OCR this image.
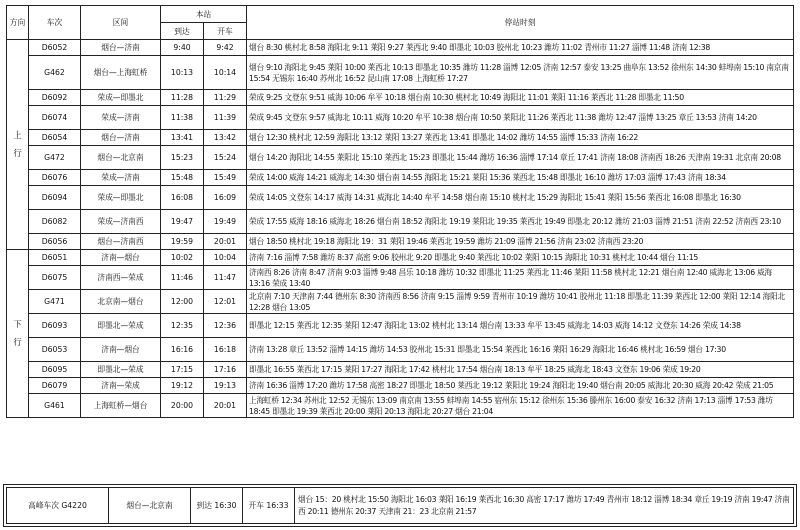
方向	车次	区间	本站		停站时刻
			到达	开车	

上
行	D6052	烟台—济南	9:40	9:42	烟台 8:30 桃村北 8:58 海阳北 9:11 莱阳 9:27 莱西北 9:40 即墨北 10:03 胶州北 10:23 潍坊 11:02 青州市 11:27 淄博 11:48 济南 12:38
	G462	烟台—上海虹桥	10:13	10:14	烟台 9:10 海阳北 9:45 莱阳 10:00 莱西北 10:13 即墨北 10:35 潍坊 11:28 淄博 12:05 济南 12:57 泰安 13:25 曲阜东 13:52 徐州东 14:30 蚌埠南 15:10 南京南 15:54 无锡东 16:40 苏州北 16:52 昆山南 17:08 上海虹桥 17:27
	D6092	荣成—即墨北	11:28	11:29	荣成 9:25 文登东 9:51 威海 10:06 牟平 10:18 烟台南 10:30 桃村北 10:49 海阳北 11:01 莱阳 11:16 莱西北 11:28 即墨北 11:50
	D6074	荣成—济南	11:38	11:39	荣成 9:45 文登东 9:57 威海北 10:11 威海 10:20 牟平 10:38 烟台南 10:50 莱阳北 11:26 莱西北 11:38 潍坊 12:47 淄博 13:25 章丘 13:53 济南 14:20
	D6054	烟台—济南	13:41	13:42	烟台 12:30 桃村北 12:59 海阳北 13:12 莱阳 13:27 莱西北 13:41 即墨北 14:02 潍坊 14:55 淄博 15:33 济南 16:22
	G472	烟台—北京南	15:23	15:24	烟台 14:20 海阳北 14:55 莱阳北 15:10 莱西北 15:23 即墨北 15:44 潍坊 16:36 淄博 17:14 章丘 17:41 济南 18:08 济南西 18:26 天津南 19:31 北京南 20:08
	D6076	荣成—济南	15:48	15:49	荣成 14:00 威海 14:21 威海北 14:30 烟台南 14:55 海阳北 15:21 莱阳 15:36 莱西北 15:48 即墨北 16:10 潍坊 17:03 淄博 17:43 济南 18:34
	D6094	荣成—即墨北	16:08	16:09	荣成 14:05 文登东 14:17 威海 14:31 威海北 14:40 牟平 14:58 烟台南 15:10 桃村北 15:29 海阳北 15:41 莱阳 15:56 莱西北 16:08 即墨北 16:30
	D6082	荣成—济南西	19:47	19:49	荣成 17:55 威海 18:16 威海北 18:26 烟台南 18:52 海阳北 19:19 莱阳北 19:35 莱西北 19:49 即墨北 20:12 潍坊 21:03 淄博 21:51 济南 22:52 济南西 23:10
	D6056	烟台—济南西	19:59	20:01	烟台 18:50 桃村北 19:18 海阳北 19：31 莱阳 19:46 莱西北 19:59 潍坊 21:09 淄博 21:56 济南 23:02 济南西 23:20

下
行	D6051	济南—烟台	10:02	10:04	济南 7:16 淄博 7:58 潍坊 8:37 高密 9:06 胶州北 9:20 即墨北 9:40 莱西北 10:02 莱阳 10:15 海阳北 10:31 桃村北 10:44 烟台 11:15
	D6075	济南西—荣成	11:46	11:47	济南西 8:26 济南 8:47 济南 9:03 淄博 9:48 昌乐 10:18 潍坊 10:32 即墨北 11:25 莱西北 11:46 莱阳 11:58 桃村北 12:21 烟台南 12:40 威海北 13:06 威海 13:16 荣成 13:40
	G471	北京南—烟台	12:00	12:01	北京南 7:10 天津南 7:44 德州东 8:30 济南西 8:56 济南 9:15 淄博 9:59 青州市 10:19 潍坊 10:41 胶州北 11:18 即墨北 11:39 莱西北 12:00 莱阳 12:14 海阳北 12:28 烟台 13:05
	D6093	即墨北—荣成	12:35	12:36	即墨北 12:15 莱西北 12:35 莱阳 12:47 海阳北 13:02 桃村北 13:14 烟台南 13:33 牟平 13:45 威海北 14:03 威海 14:12 文登东 14:26 荣成 14:38
	D6053	济南—烟台	16:16	16:18	济南 13:28 章丘 13:52 淄博 14:15 潍坊 14:53 胶州北 15:31 即墨北 15:54 莱西北 16:16 莱阳 16:29 海阳北 16:46 桃村北 16:59 烟台 17:30
	D6095	即墨北—荣成	17:15	17:16	即墨北 16:55 莱西北 17:15 莱阳 17:27 海阳北 17:42 桃村北 17:54 烟台南 18:13 牟平 18:25 威海北 18:43 文登东 19:06 荣成 19:20
	D6079	济南—荣成	19:12	19:13	济南 16:36 淄博 17:20 潍坊 17:58 高密 18:27 即墨北 18:50 莱西北 19:12 莱阳北 19:24 海阳北 19:40 烟台南 20:05 威海北 20:30 威海 20:42 荣成 21:05
	G461	上海虹桥—烟台	20:00	20:01	上海虹桥 12:34 苏州北 12:52 无锡东 13:09 南京南 13:55 蚌埠南 14:55 宿州东 15:12 徐州东 15:36 滕州东 16:00 泰安 16:32 济南 17:13 淄博 17:53 潍坊 18:45 即墨北 19:39 莱西北 20:00 莱阳 20:13 海阳北 20:27 烟台 21:04
高峰车次 G4220	烟台—北京南	到达 16:30	开车 16:33	烟台 15：20 桃村北 15:50 海阳北 16:03 莱阳 16:19 莱西北 16:30 高密 17:17 潍坊 17:49 青州市 18:12 淄博 18:34 章丘 19:19 济南 19:47 济南西 20:11 德州东 20:37 天津南 21：23 北京南 21:57
